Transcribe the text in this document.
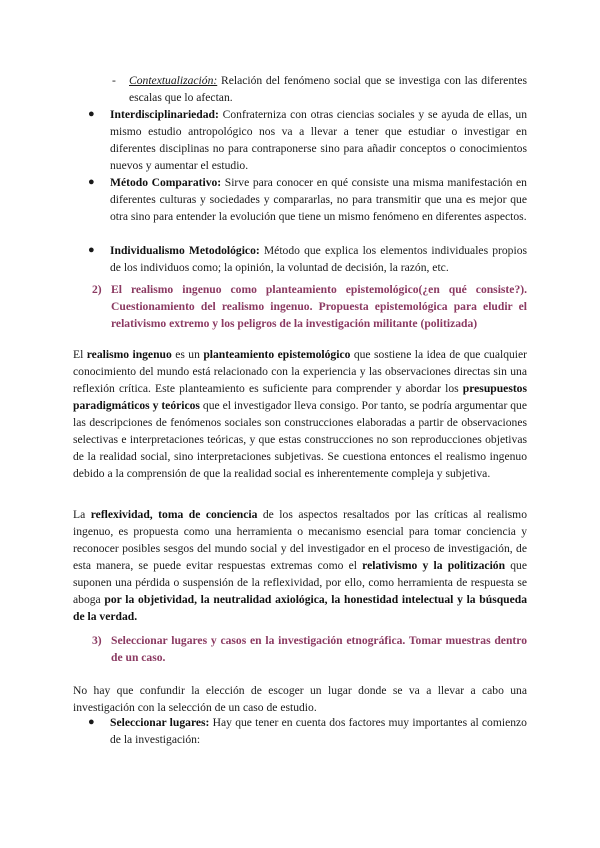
- Contextualización: Relación del fenómeno social que se investiga con las diferentes escalas que lo afectan.
● Interdisciplinariedad: Confraterniza con otras ciencias sociales y se ayuda de ellas, un mismo estudio antropológico nos va a llevar a tener que estudiar o investigar en diferentes disciplinas no para contraponerse sino para añadir conceptos o conocimientos nuevos y aumentar el estudio.
● Método Comparativo: Sirve para conocer en qué consiste una misma manifestación en diferentes culturas y sociedades y compararlas, no para transmitir que una es mejor que otra sino para entender la evolución que tiene un mismo fenómeno en diferentes aspectos.
● Individualismo Metodológico: Método que explica los elementos individuales propios de los individuos como; la opinión, la voluntad de decisión, la razón, etc.
2) El realismo ingenuo como planteamiento epistemológico(¿en qué consiste?). Cuestionamiento del realismo ingenuo. Propuesta epistemológica para eludir el relativismo extremo y los peligros de la investigación militante (politizada)
El realismo ingenuo es un planteamiento epistemológico que sostiene la idea de que cualquier conocimiento del mundo está relacionado con la experiencia y las observaciones directas sin una reflexión crítica. Este planteamiento es suficiente para comprender y abordar los presupuestos paradigmáticos y teóricos que el investigador lleva consigo. Por tanto, se podría argumentar que las descripciones de fenómenos sociales son construcciones elaboradas a partir de observaciones selectivas e interpretaciones teóricas, y que estas construcciones no son reproducciones objetivas de la realidad social, sino interpretaciones subjetivas. Se cuestiona entonces el realismo ingenuo debido a la comprensión de que la realidad social es inherentemente compleja y subjetiva.
La reflexividad, toma de conciencia de los aspectos resaltados por las críticas al realismo ingenuo, es propuesta como una herramienta o mecanismo esencial para tomar conciencia y reconocer posibles sesgos del mundo social y del investigador en el proceso de investigación, de esta manera, se puede evitar respuestas extremas como el relativismo y la politización que suponen una pérdida o suspensión de la reflexividad, por ello, como herramienta de respuesta se aboga por la objetividad, la neutralidad axiológica, la honestidad intelectual y la búsqueda de la verdad.
3) Seleccionar lugares y casos en la investigación etnográfica. Tomar muestras dentro de un caso.
No hay que confundir la elección de escoger un lugar donde se va a llevar a cabo una investigación con la selección de un caso de estudio.
● Seleccionar lugares: Hay que tener en cuenta dos factores muy importantes al comienzo de la investigación:
